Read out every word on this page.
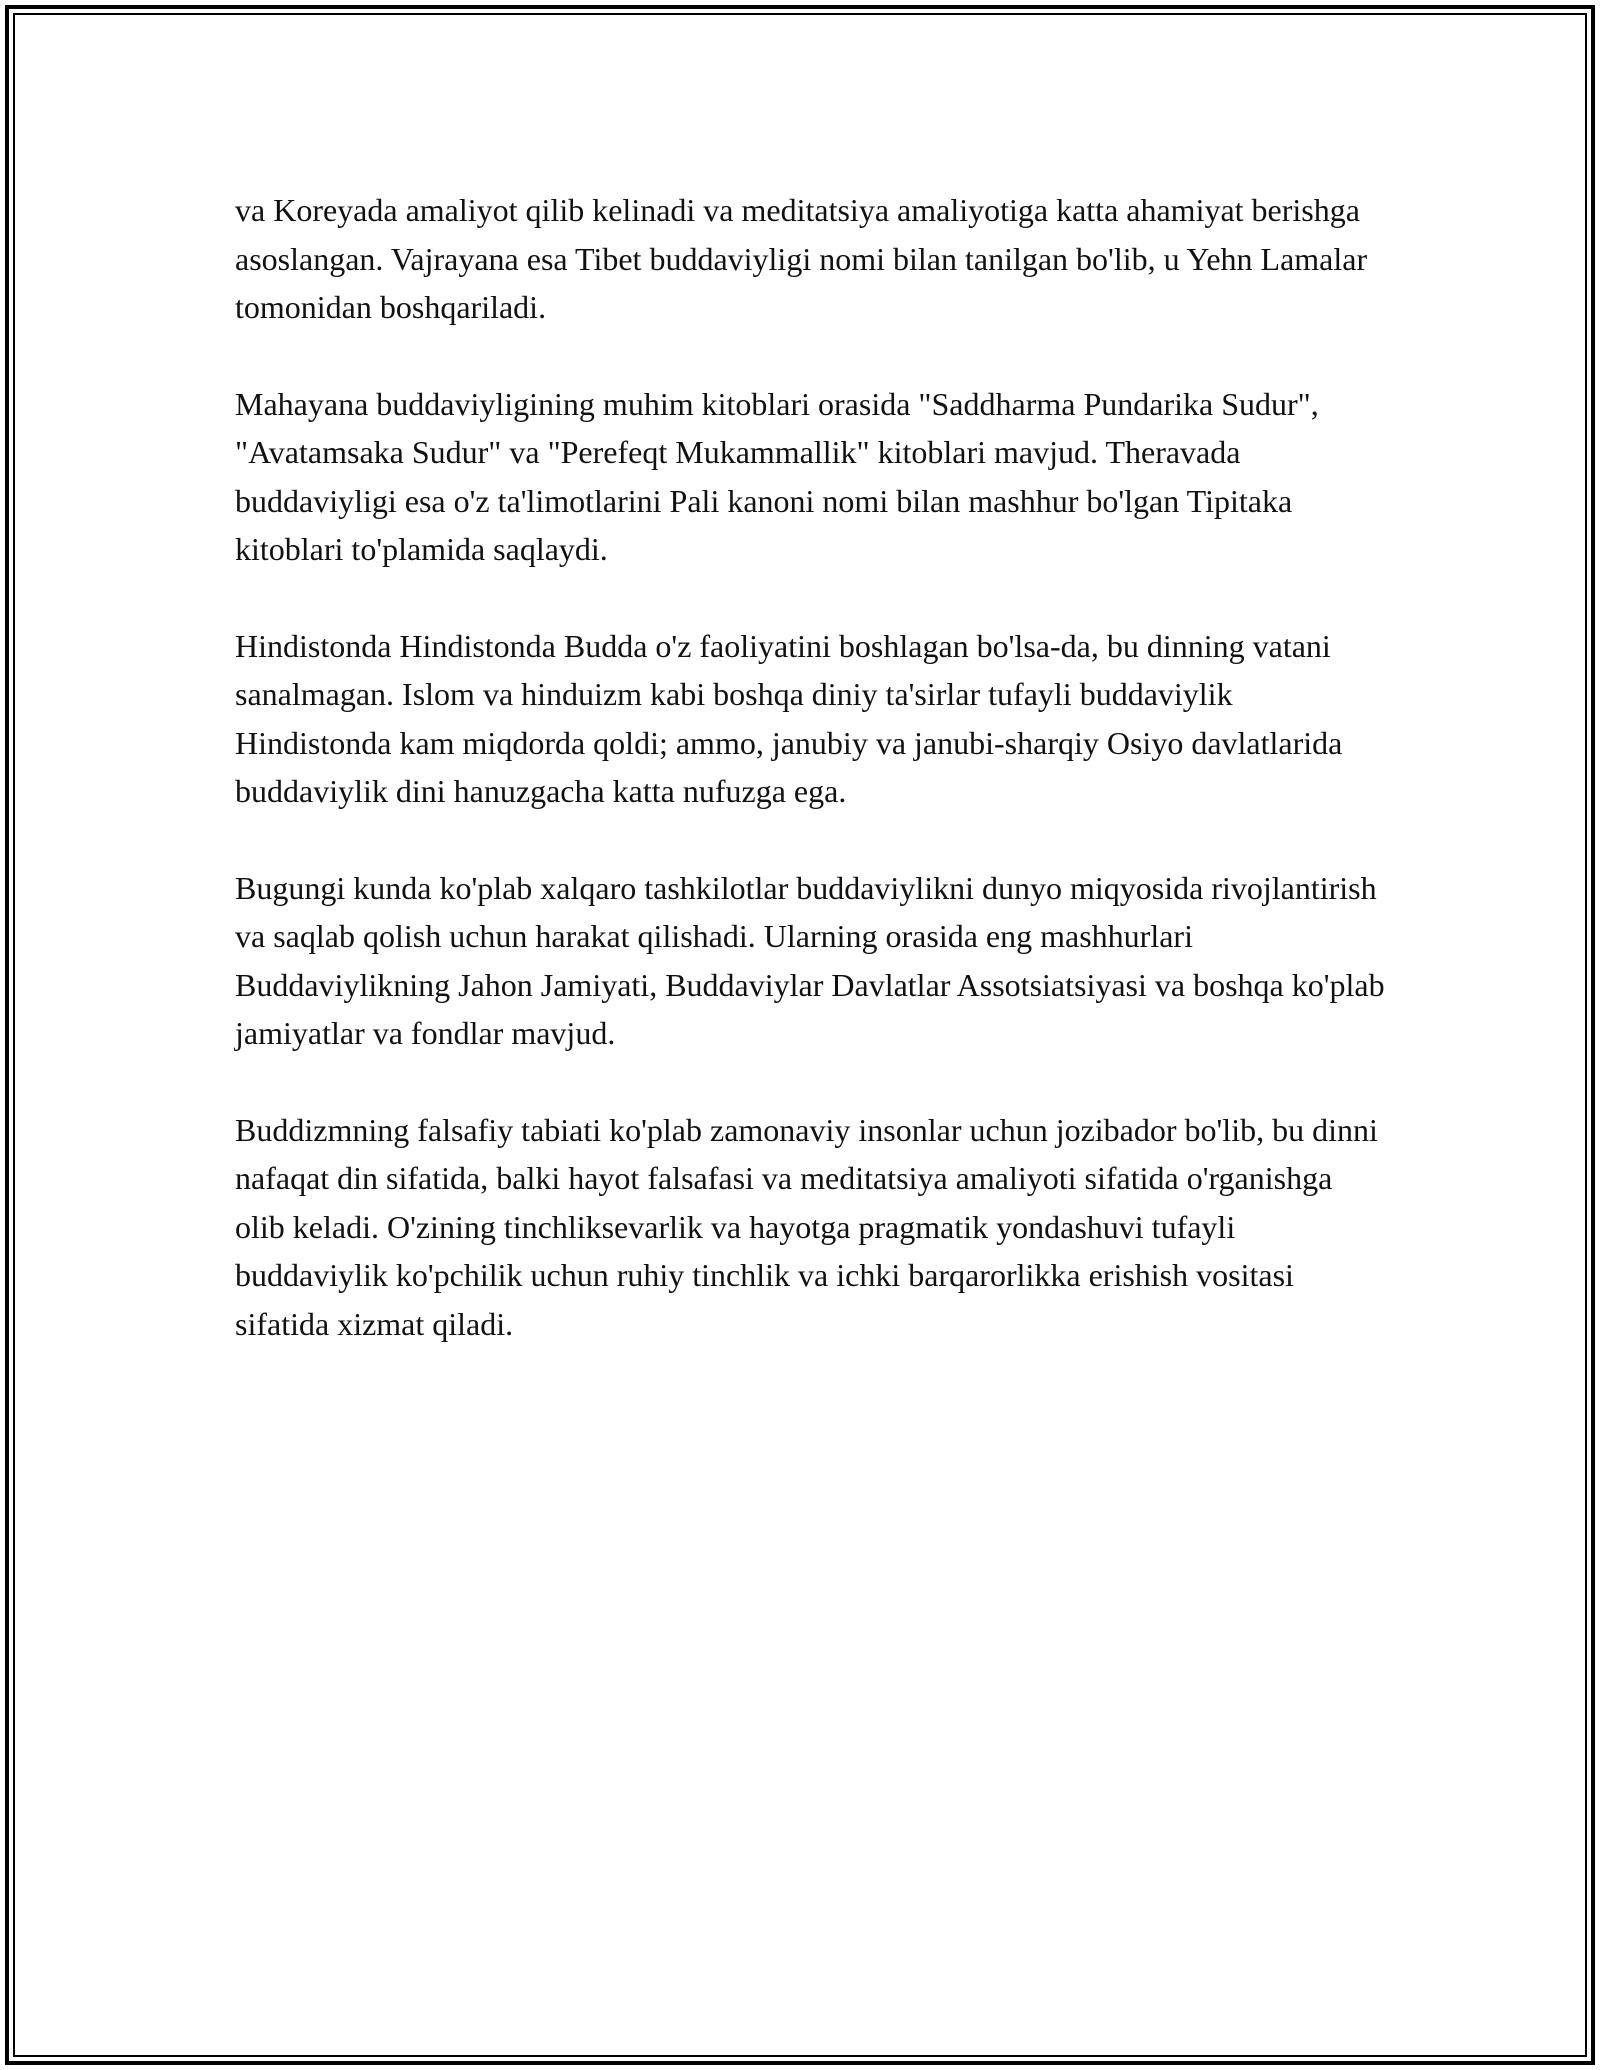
va Koreyada amaliyot qilib kelinadi va meditatsiya amaliyotiga katta ahamiyat berishga asoslangan. Vajrayana esa Tibet buddaviyligi nomi bilan tanilgan bo'lib, u Yehn Lamalar tomonidan boshqariladi.

Mahayana buddaviyligining muhim kitoblari orasida "Saddharma Pundarika Sudur", "Avatamsaka Sudur" va "Perefeqt Mukammallik" kitoblari mavjud. Theravada buddaviyligi esa o'z ta'limotlarini Pali kanoni nomi bilan mashhur bo'lgan Tipitaka kitoblari to'plamida saqlaydi.

Hindistonda Hindistonda Budda o'z faoliyatini boshlagan bo'lsa-da, bu dinning vatani sanalmagan. Islom va hinduizm kabi boshqa diniy ta'sirlar tufayli buddaviylik Hindistonda kam miqdorda qoldi; ammo, janubiy va janubi-sharqiy Osiyo davlatlarida buddaviylik dini hanuzgacha katta nufuzga ega.

Bugungi kunda ko'plab xalqaro tashkilotlar buddaviylikni dunyo miqyosida rivojlantirish va saqlab qolish uchun harakat qilishadi. Ularning orasida eng mashhurlari Buddaviylikning Jahon Jamiyati, Buddaviylar Davlatlar Assotsiatsiyasi va boshqa ko'plab jamiyatlar va fondlar mavjud.

Buddizmning falsafiy tabiati ko'plab zamonaviy insonlar uchun jozibador bo'lib, bu dinni nafaqat din sifatida, balki hayot falsafasi va meditatsiya amaliyoti sifatida o'rganishga olib keladi. O'zining tinchliksevarlik va hayotga pragmatik yondashuvi tufayli buddaviylik ko'pchilik uchun ruhiy tinchlik va ichki barqarorlikka erishish vositasi sifatida xizmat qiladi.
